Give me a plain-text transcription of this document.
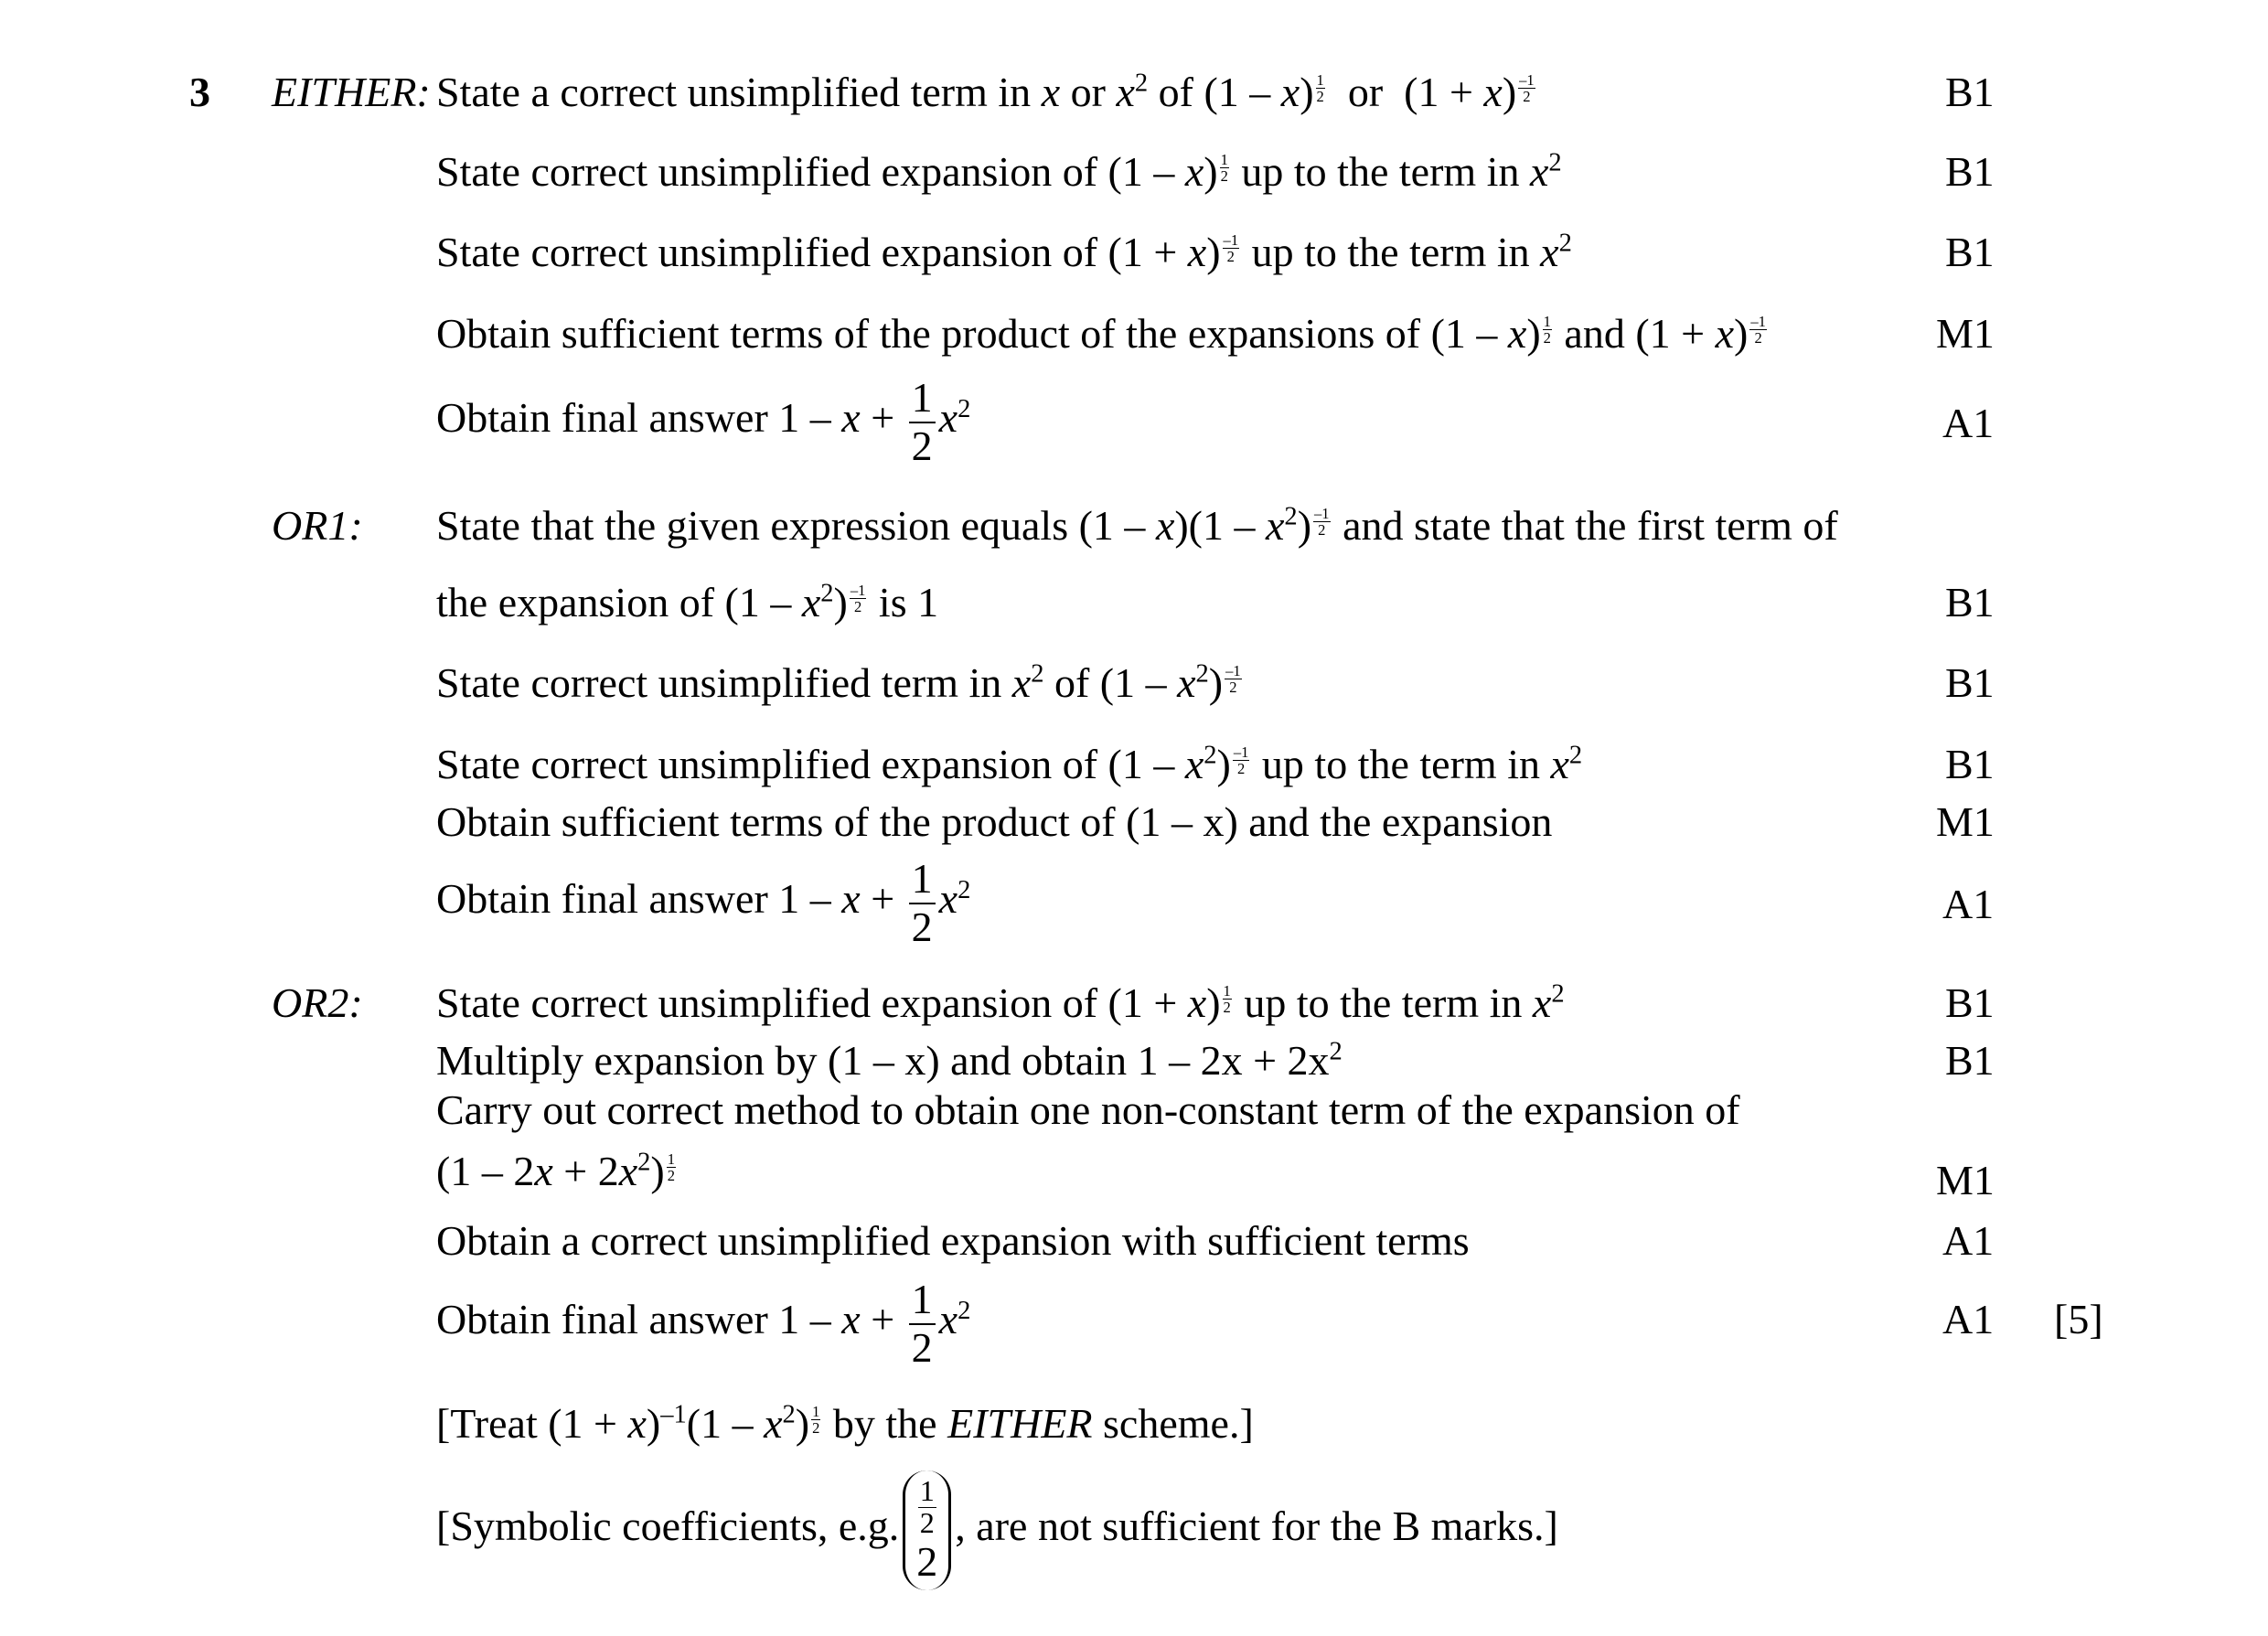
3 EITHER:
OR1:
OR2:
State a correct unsimplified term in x or $x^2$ of $(1 - x) \frac{1}{2}$ or  $(1 + x) \frac{-1}{2}$
State correct unsimplified expansion of $(1 - x) \frac{1}{2}$ up to the term in $x^2$
State correct unsimplified expansion of $(1 + x) \frac{-1}{2}$ up to the term in $x^2$
Obtain sufficient terms of the product of the expansions of $(1 - x) \frac{1}{2}$ and $(1 + x) \frac{-1}{2}$
Obtain final answer $1 - x + \frac{1}{2} x^2$
State that the given expression equals $(1 - x)(1 - x^2) \frac{-1}{2}$ and state that the first term of
the expansion of $(1 - x^2) \frac{-1}{2}$ is 1
State correct unsimplified term in $x^2$ of $(1 - x^2) \frac{-1}{2}$
State correct unsimplified expansion of $(1 - x^2) \frac{-1}{2}$ up to the term in $x^2$
Obtain sufficient terms of the product of (1 – x) and the expansion
Obtain final answer $1 - x + \frac{1}{2} x^2$
State correct unsimplified expansion of $(1 + x) \frac{1}{2}$ up to the term in $x^2$
Multiply expansion by (1 – x) and obtain $1 - 2x + 2x^2$
Carry out correct method to obtain one non-constant term of the expansion of
$(1 - 2x + 2x^2) \frac{1}{2}$
Obtain a correct unsimplified expansion with sufficient terms
Obtain final answer $1 - x + \frac{1}{2} x^2$
[Treat $(1 + x)^{-1}(1 - x^2) \frac{1}{2}$ by the EITHER scheme.]
[Symbolic coefficients, e.g.
1
2
2
, are not sufficient for the B marks.]
B1
B1
B1
M1
A1
B1
B1
B1
M1
A1
B1
B1
M1
A1
A1 [5]
